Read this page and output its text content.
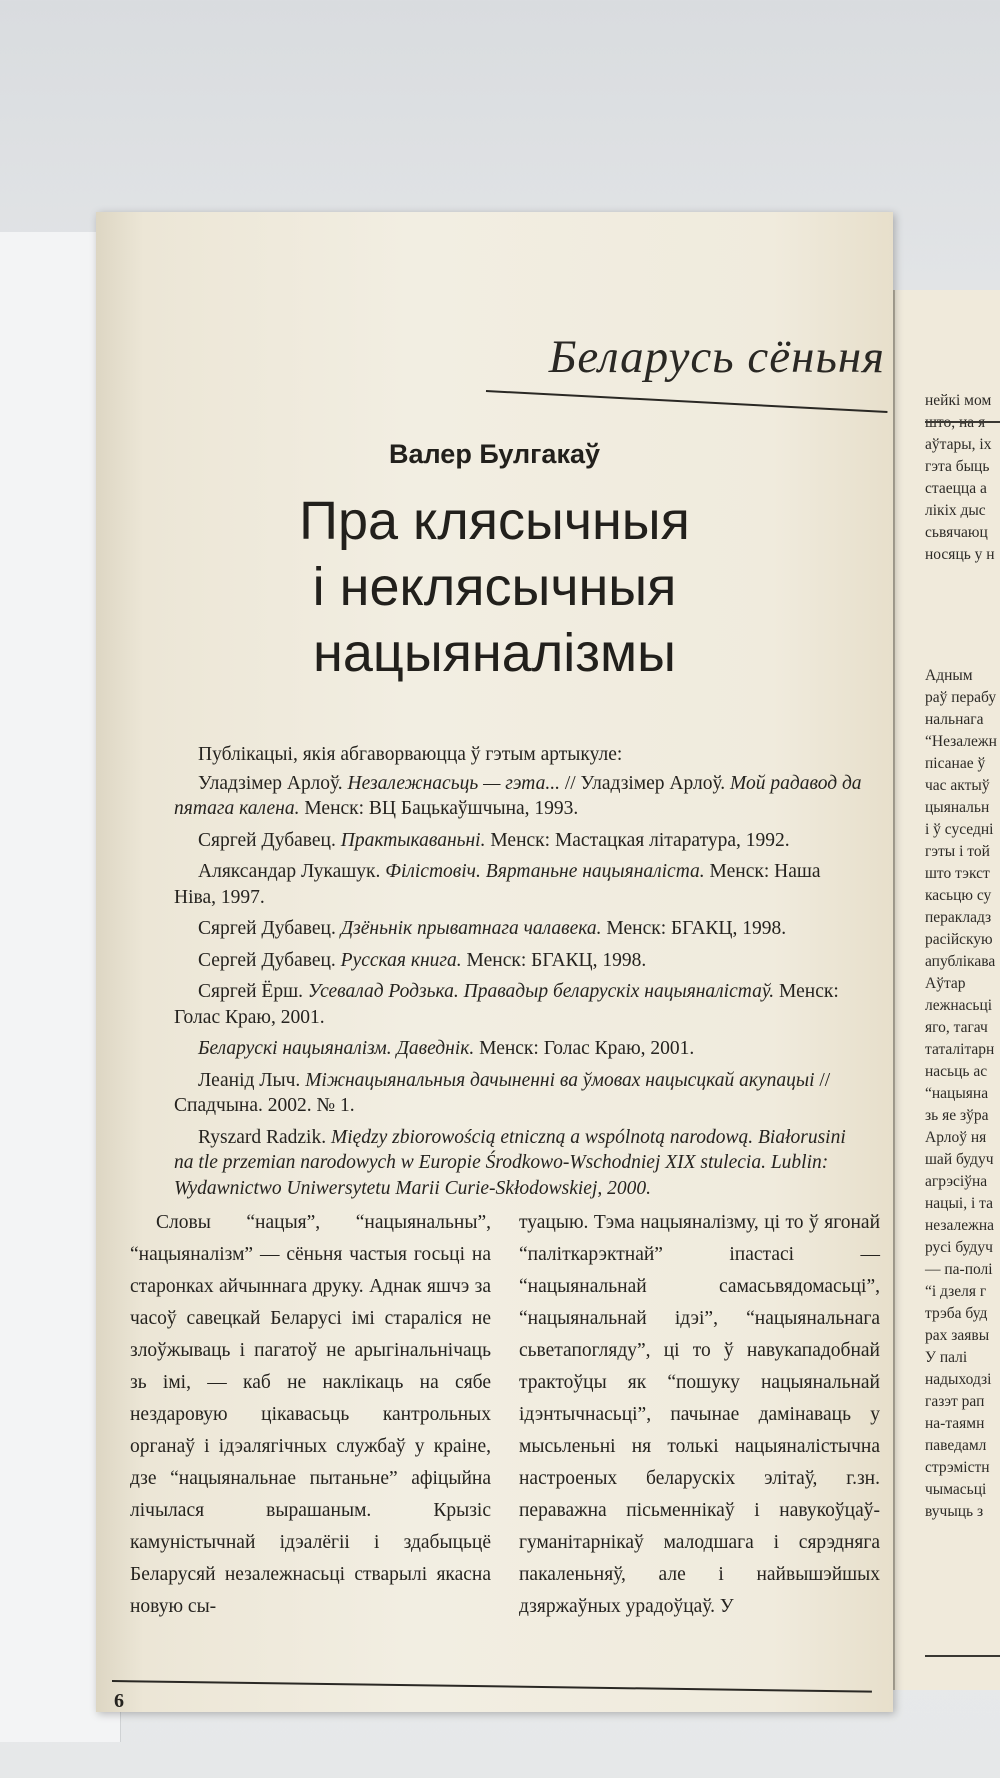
нейкі мом

што, на я

аўтары, іх

гэта быць

стаецца а

лікіх дыс

сьвячаюц

носяць у н

Адным

раў перабу

нальнага

“Незалежн

пісанае ў

час актыў

цыянальн

і ў суседні

гэты і той

што тэкст

касьцю су

перакладз

расійскую

апублікава

Аўтар

лежнасьці

яго, тагач

таталітарн

насьць ас

“нацыяна

зь яе зўра

Арлоў ня

шай будуч

агрэсіўна

нацыі, і та

незалежна

русі будуч

— па-полі

“і дзеля г

трэба буд

рах заявы

У палі

надыходзі

газэт рап

на-таямн

паведамл

стрэмістн

чымасьці

вучыць з

Беларусь сёньня
Валер Булгакаў
Пра клясычныя
і неклясычныя
нацыяналізмы

Публікацыі, якія абгаворваюцца ў гэтым артыкуле:

Уладзімер Арлоў. Незалежнасьць — гэта... // Уладзімер Арлоў. Мой радавод да пятага калена. Менск: ВЦ Бацькаўшчына, 1993.

Сяргей Дубавец. Практыкаваньні. Менск: Мастацкая літаратура, 1992.

Аляксандар Лукашук. Філістовіч. Вяртаньне нацыяналіста. Менск: Наша Ніва, 1997.

Сяргей Дубавец. Дзёньнік прыватнага чалавека. Менск: БГАКЦ, 1998.

Сергей Дубавец. Русская книга. Менск: БГАКЦ, 1998.

Сяргей Ёрш. Усевалад Родзька. Правадыр беларускіх нацыяналістаў. Менск: Голас Краю, 2001.

Беларускі нацыяналізм. Даведнік. Менск: Голас Краю, 2001.

Леанід Лыч. Міжнацыянальныя дачыненні ва ўмовах нацысцкай акупацыі // Спадчына. 2002. № 1.

Ryszard Radzik. Między zbiorowością etniczną a wspólnotą narodową. Białorusini na tle przemian narodowych w Europie Środkowo-Wschodniej XIX stulecia. Lublin: Wydawnictwo Uniwersytetu Marii Curie-Skłodowskiej, 2000.

Словы “нацыя”, “нацыянальны”, “нацыяналізм” — сёньня частыя госьці на старонках айчыннага друку. Аднак яшчэ за часоў савецкай Беларусі імі стараліся не злоўжываць і пагатоў не арыгінальнічаць зь імі, — каб не наклікаць на сябе нездаровую цікавасьць кантрольных органаў і ідэалягічных службаў у краіне, дзе “нацыянальнае пытаньне” афіцыйна лічылася вырашаным. Крызіс камуністычнай ідэалёгіі і здабыцьцё Беларусяй незалежнасьці стварылі якасна новую сы-

туацыю. Тэма нацыяналізму, ці то ў ягонай “паліткарэктнай” іпастасі — “нацыянальнай самасьвядомасьці”, “нацыянальнай ідэі”, “нацыянальнага сьветапогляду”, ці то ў навукападобнай трактоўцы як “пошуку нацыянальнай ідэнтычнасьці”, пачынае дамінаваць у мысьленьні ня толькі нацыяналістычна настроеных беларускіх элітаў, г.зн. пераважна пісьменнікаў і навукоўцаў-гуманітарнікаў малодшага і сярэдняга пакаленьняў, але і найвышэйшых дзяржаўных урадоўцаў. У

6
